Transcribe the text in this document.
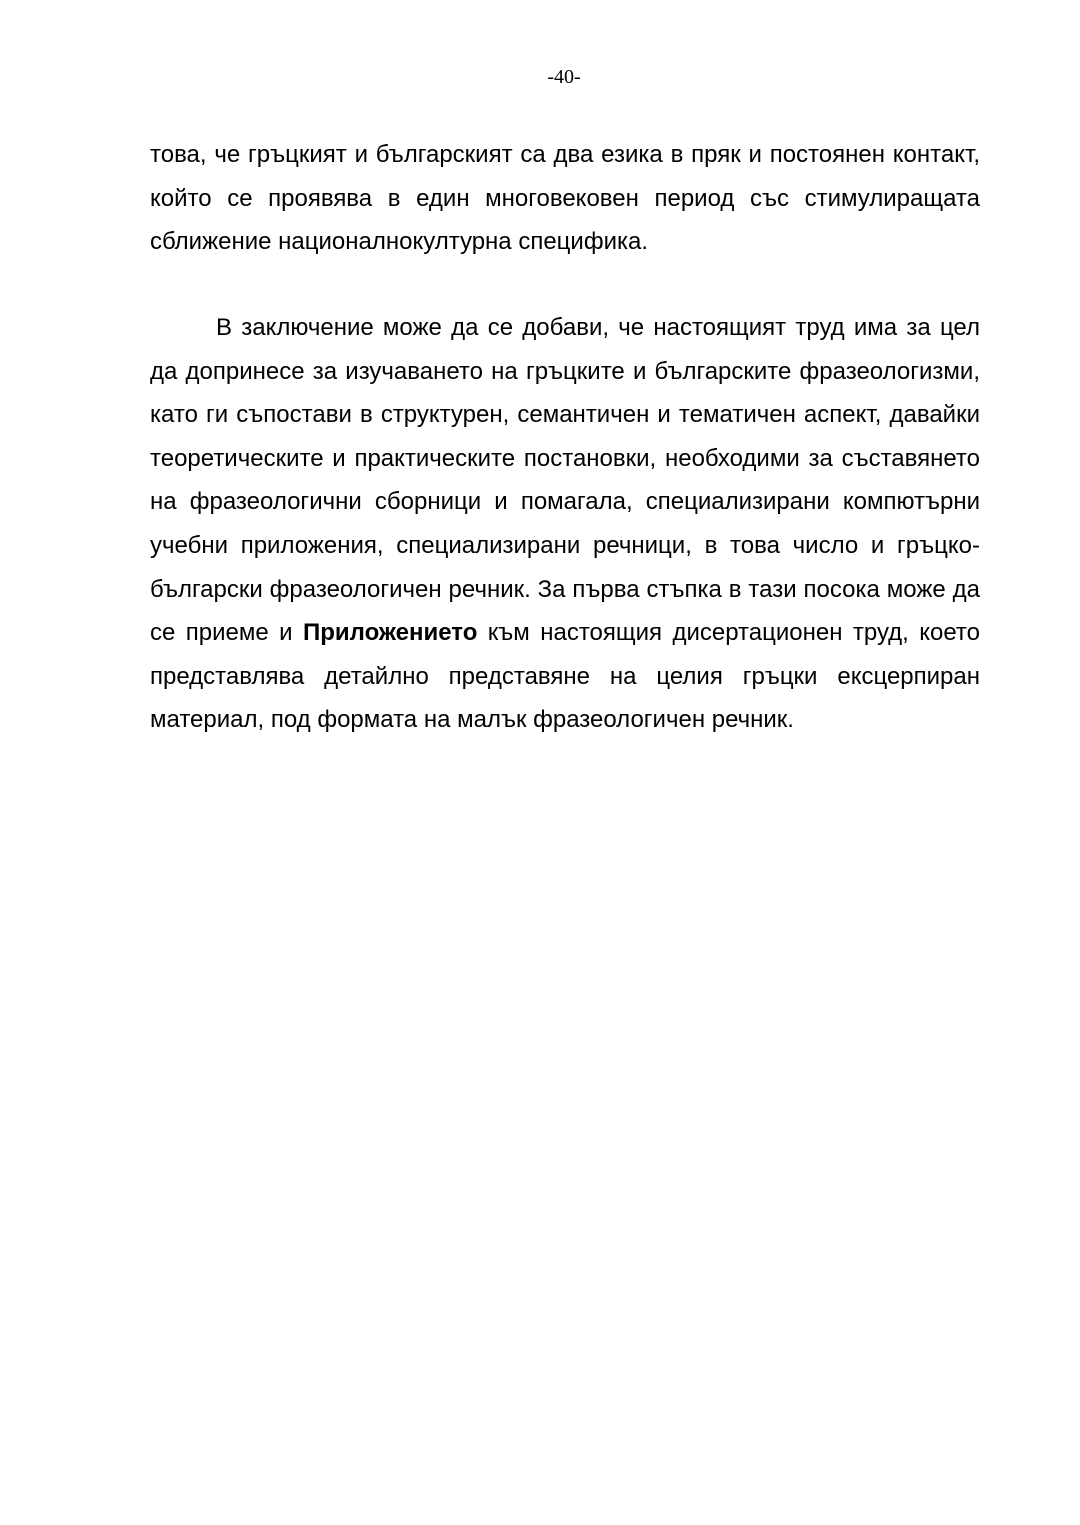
-40-

това, че гръцкият и българският са два езика в пряк и постоянен контакт, който се проявява в един многовековен период със стимулиращата сближение националнокултурна специфика.

В заключение може да се добави, че настоящият труд има за цел да допринесе за изучаването на гръцките и българските фразеологизми, като ги съпостави в структурен, семантичен и тематичен аспект, давайки теоретическите и практическите постановки, необходими за съставянето на фразеологични сборници и помагала, специализирани компютърни учебни приложения, специализирани речници, в това число и гръцко-български фразеологичен речник. За първа стъпка в тази посока може да се приеме и Приложението към настоящия дисертационен труд, което представлява детайлно представяне на целия гръцки ексцерпиран материал, под формата на малък фразеологичен речник.
